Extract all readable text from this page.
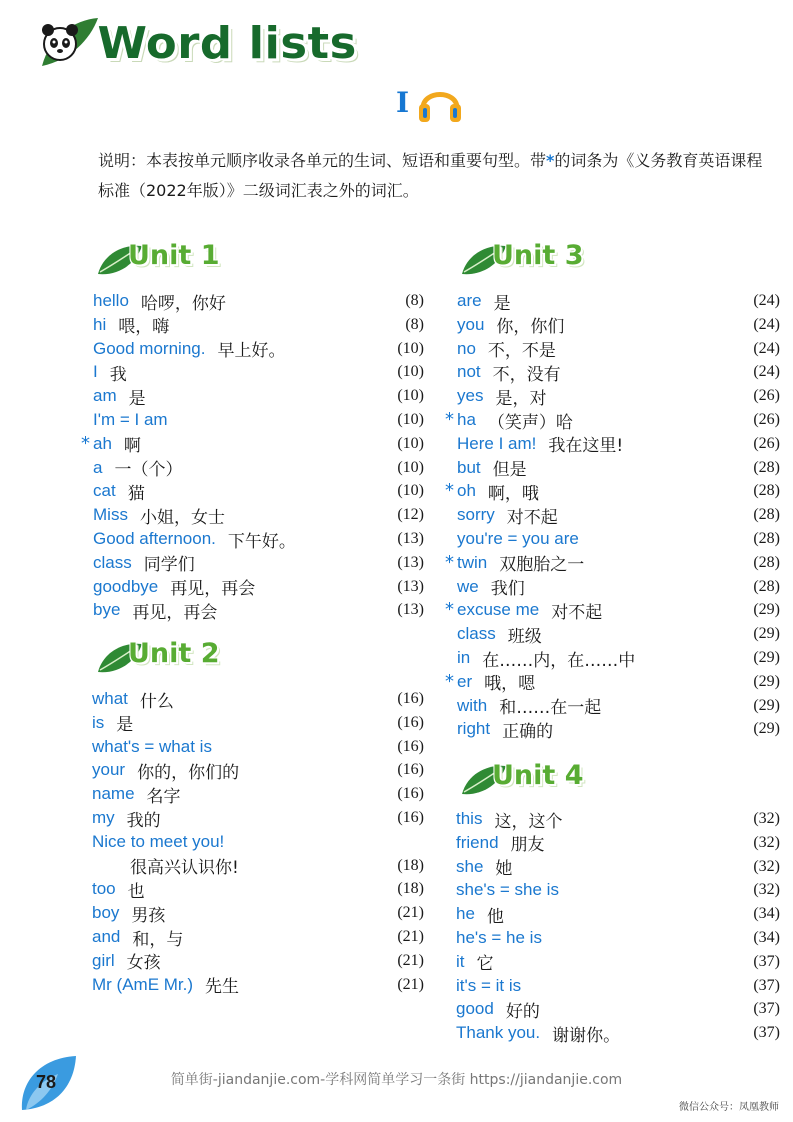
Word lists
I
说明：本表按单元顺序收录各单元的生词、短语和重要句型。带*的词条为《义务教育英语课程标准（2022年版）》二级词汇表之外的词汇。
Unit 1
Unit 2
Unit 3
Unit 4
hello 哈啰，你好	(8)
hi 喂，嗨	(8)
Good morning. 早上好。	(10)
I 我	(10)
am 是	(10)
I'm = I am	(10)
* ah 啊	(10)
a 一（个）	(10)
cat 猫	(10)
Miss 小姐，女士	(12)
Good afternoon. 下午好。	(13)
class 同学们	(13)
goodbye 再见，再会	(13)
bye 再见，再会	(13)
what 什么	(16)
is 是	(16)
what's = what is	(16)
your 你的，你们的	(16)
name 名字	(16)
my 我的	(16)
Nice to meet you!
很高兴认识你!	(18)
too 也	(18)
boy 男孩	(21)
and 和，与	(21)
girl 女孩	(21)
Mr (AmE Mr.) 先生	(21)
are 是	(24)
you 你，你们	(24)
no 不，不是	(24)
not 不，没有	(24)
yes 是，对	(26)
* ha （笑声）哈	(26)
Here I am! 我在这里!	(26)
but 但是	(28)
* oh 啊，哦	(28)
sorry 对不起	(28)
you're = you are	(28)
* twin 双胞胎之一	(28)
we 我们	(28)
* excuse me 对不起	(29)
class 班级	(29)
in 在……内，在……中	(29)
* er 哦，嗯	(29)
with 和……在一起	(29)
right 正确的	(29)
this 这，这个	(32)
friend 朋友	(32)
she 她	(32)
she's = she is	(32)
he 他	(34)
he's = he is	(34)
it 它	(37)
it's = it is	(37)
good 好的	(37)
Thank you. 谢谢你。	(37)
78	简单街-jiandanjie.com-学科网简单学习一条街 https://jiandanjie.com
微信公众号：凤凰教师
